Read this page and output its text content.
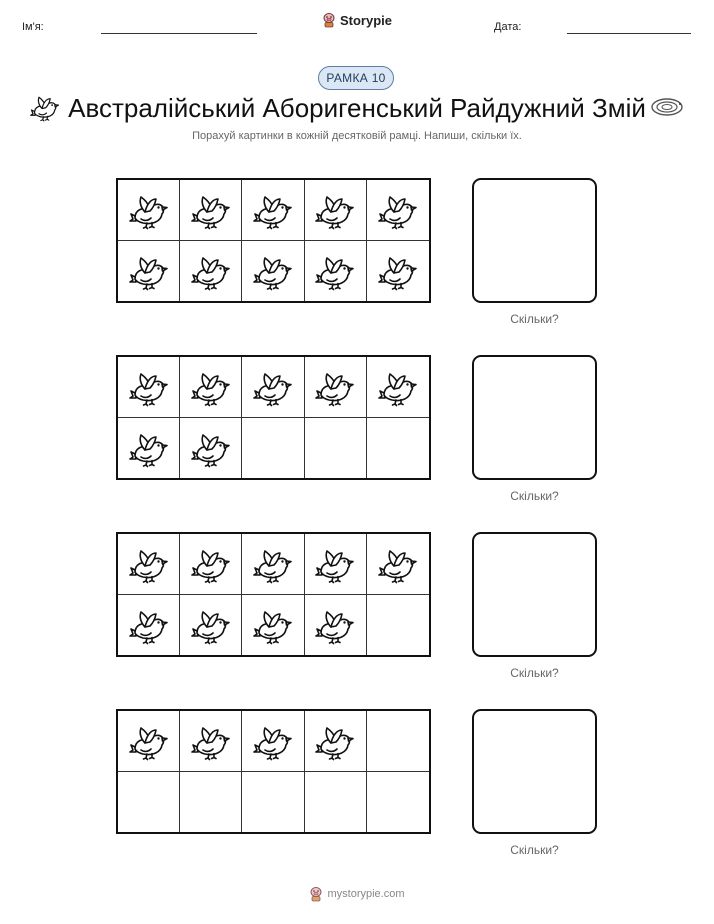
Ім'я:	Storypie	Дата:
РАМКА 10
Австралійський Аборигенський Райдужний Змій
Порахуй картинки в кожній десятковій рамці. Напиши, скільки їх.
Скільки?
Скільки?
Скільки?
Скільки?
mystorypie.com
